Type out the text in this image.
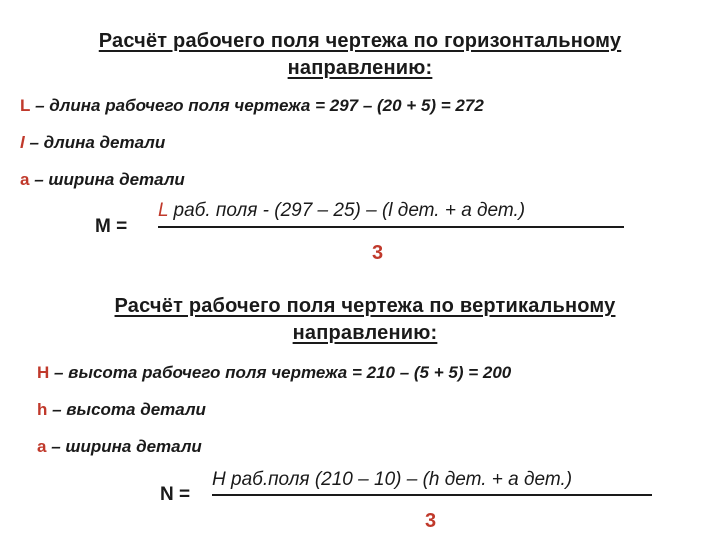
Расчёт рабочего поля чертежа по горизонтальному
направлению:
L – длина рабочего поля чертежа = 297 – (20 + 5) = 272
l – длина детали
a – ширина детали
M =
L раб. поля - (297 – 25) – (l дет. + a дет.)
3
Расчёт рабочего поля чертежа по вертикальному
направлению:
H – высота рабочего поля чертежа = 210 – (5 + 5) = 200
h – высота детали
a – ширина детали
N =
H раб.поля (210 – 10) – (h дет. + a дет.)
3
